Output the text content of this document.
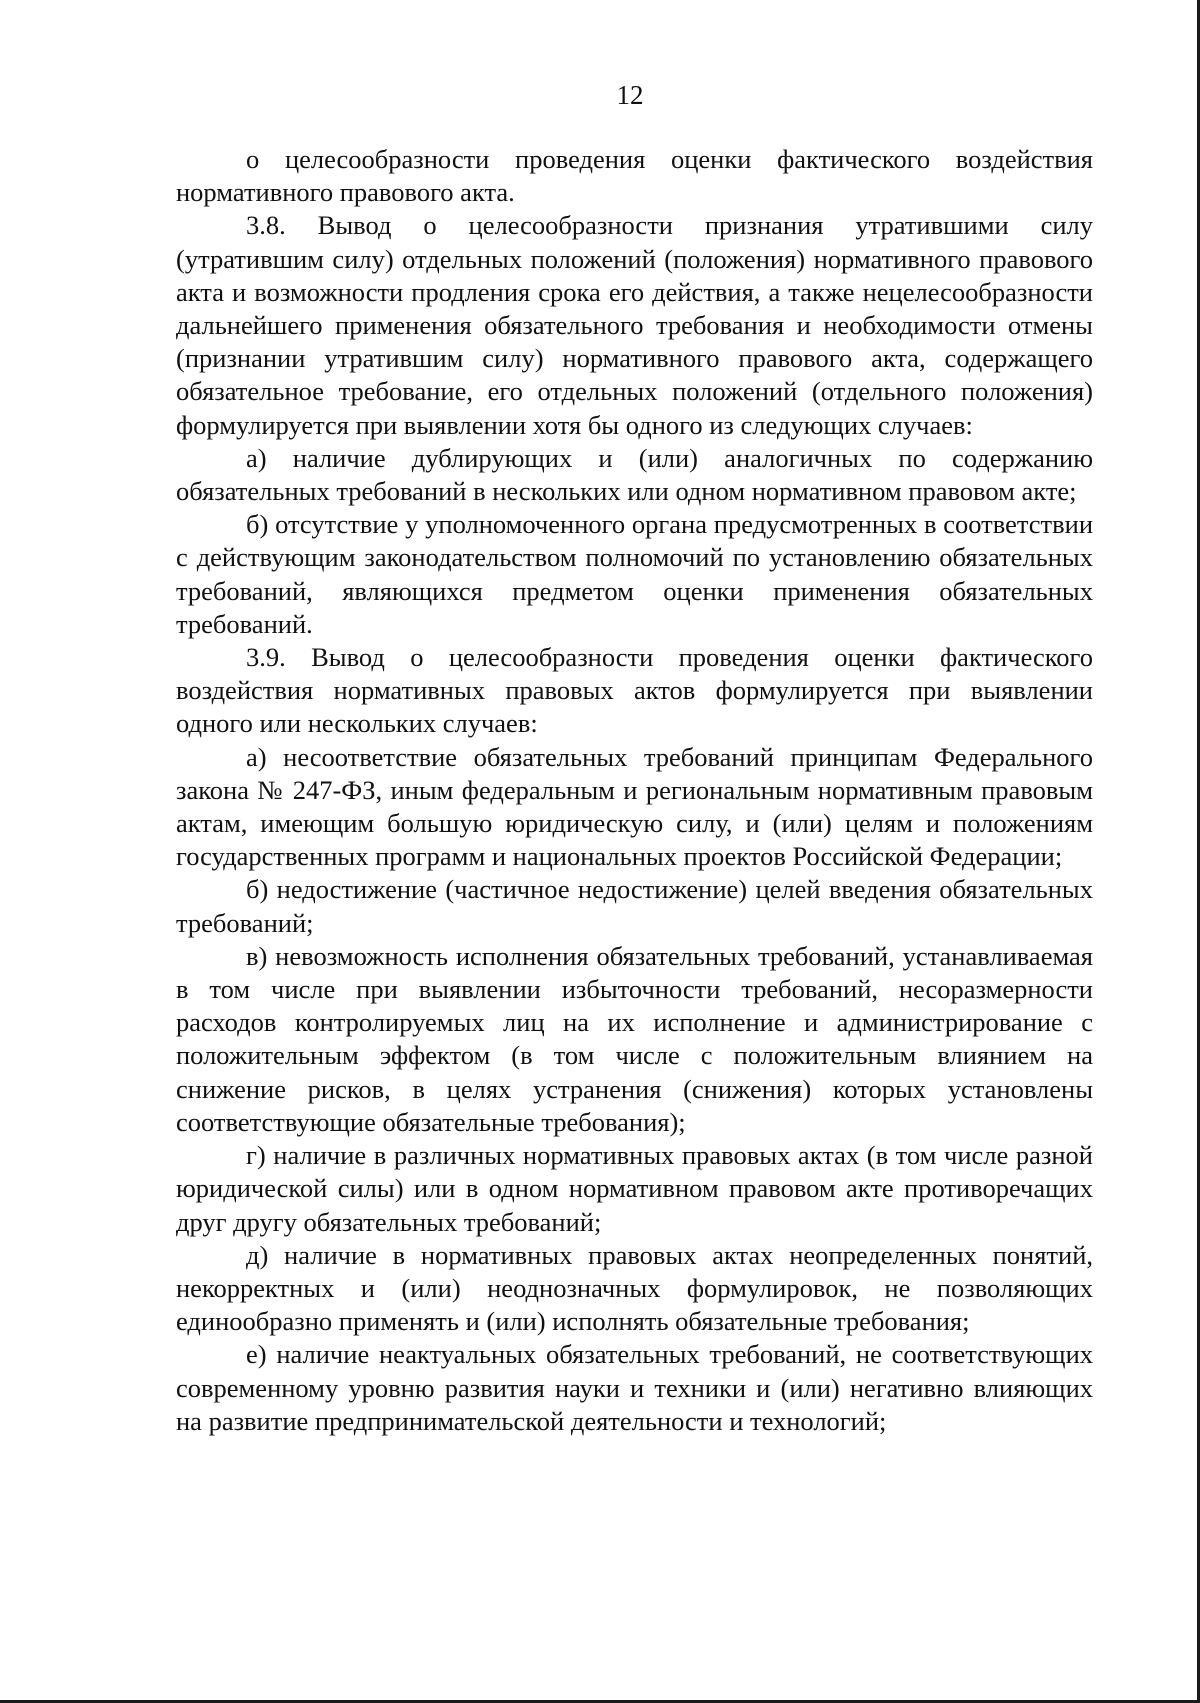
12

о целесообразности проведения оценки фактического воздействия нормативного правового акта.

3.8. Вывод о целесообразности признания утратившими силу (утратившим силу) отдельных положений (положения) нормативного правового акта и возможности продления срока его действия, а также нецелесообразности дальнейшего применения обязательного требования и необходимости отмены (признании утратившим силу) нормативного правового акта, содержащего обязательное требование, его отдельных положений (отдельного положения) формулируется при выявлении хотя бы одного из следующих случаев:

а) наличие дублирующих и (или) аналогичных по содержанию обязательных требований в нескольких или одном нормативном правовом акте;

б) отсутствие у уполномоченного органа предусмотренных в соответствии с действующим законодательством полномочий по установлению обязательных требований, являющихся предметом оценки применения обязательных требований.

3.9. Вывод о целесообразности проведения оценки фактического воздействия нормативных правовых актов формулируется при выявлении одного или нескольких случаев:

а) несоответствие обязательных требований принципам Федерального закона № 247-ФЗ, иным федеральным и региональным нормативным правовым актам, имеющим большую юридическую силу, и (или) целям и положениям государственных программ и национальных проектов Российской Федерации;

б) недостижение (частичное недостижение) целей введения обязательных требований;

в) невозможность исполнения обязательных требований, устанавливаемая в том числе при выявлении избыточности требований, несоразмерности расходов контролируемых лиц на их исполнение и администрирование с положительным эффектом (в том числе с положительным влиянием на снижение рисков, в целях устранения (снижения) которых установлены соответствующие обязательные требования);

г) наличие в различных нормативных правовых актах (в том числе разной юридической силы) или в одном нормативном правовом акте противоречащих друг другу обязательных требований;

д) наличие в нормативных правовых актах неопределенных понятий, некорректных и (или) неоднозначных формулировок, не позволяющих единообразно применять и (или) исполнять обязательные требования;

е) наличие неактуальных обязательных требований, не соответствующих современному уровню развития науки и техники и (или) негативно влияющих на развитие предпринимательской деятельности и технологий;
